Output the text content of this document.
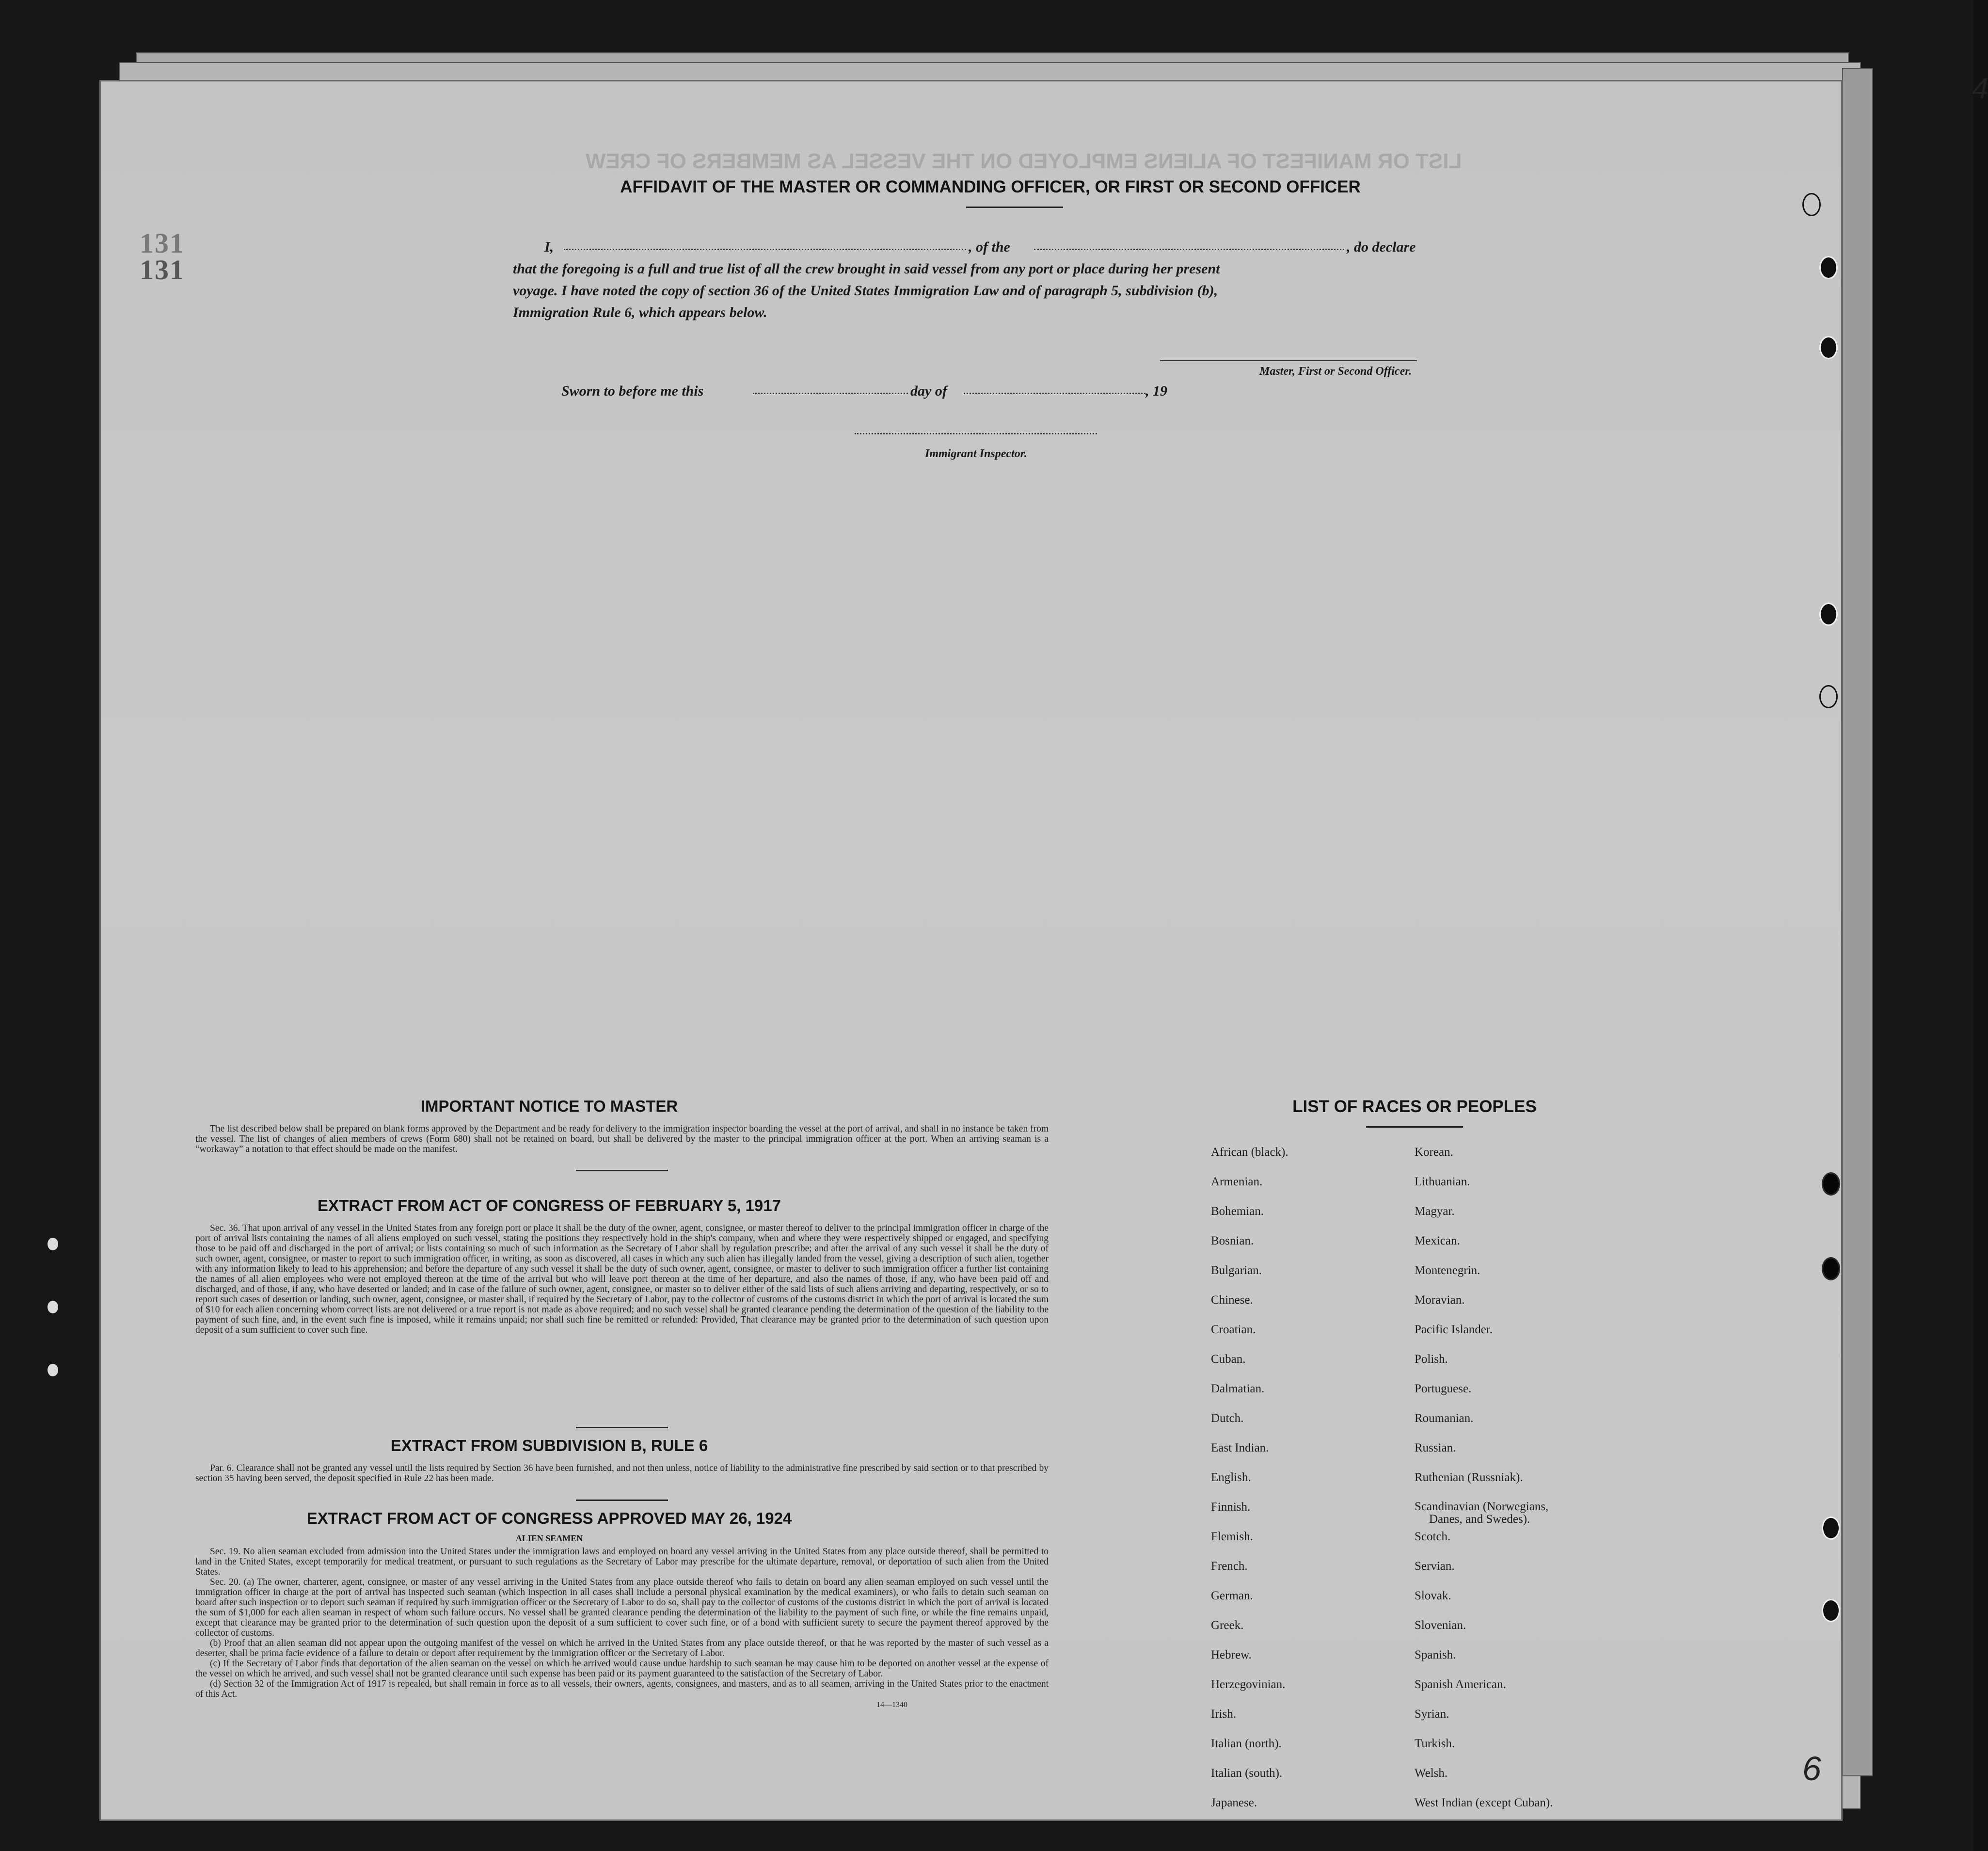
LIST OR MANIFEST OF ALIENS EMPLOYED ON THE VESSEL AS MEMBERS OF CREW
131
131
4
6
AFFIDAVIT OF THE MASTER OR COMMANDING OFFICER, OR FIRST OR SECOND OFFICER
I,	, of the	, do declare
that the foregoing is a full and true list of all the crew brought in said vessel from any port or place during her present
voyage. I have noted the copy of section 36 of the United States Immigration Law and of paragraph 5, subdivision (b),
Immigration Rule 6, which appears below.
Master, First or Second Officer.
Sworn to before me this	day of	, 19
Immigrant Inspector.
IMPORTANT NOTICE TO MASTER

The list described below shall be prepared on blank forms approved by the Department and be ready for delivery to the immigration inspector boarding the vessel at the port of arrival, and shall in no instance be taken from the vessel. The list of changes of alien members of crews (Form 680) shall not be retained on board, but shall be delivered by the master to the principal immigration officer at the port. When an arriving seaman is a “workaway” a notation to that effect should be made on the manifest.

EXTRACT FROM ACT OF CONGRESS OF FEBRUARY 5, 1917

Sec. 36. That upon arrival of any vessel in the United States from any foreign port or place it shall be the duty of the owner, agent, consignee, or master thereof to deliver to the principal immigration officer in charge of the port of arrival lists containing the names of all aliens employed on such vessel, stating the positions they respectively hold in the ship's company, when and where they were respectively shipped or engaged, and specifying those to be paid off and discharged in the port of arrival; or lists containing so much of such information as the Secretary of Labor shall by regulation prescribe; and after the arrival of any such vessel it shall be the duty of such owner, agent, consignee, or master to report to such immigration officer, in writing, as soon as discovered, all cases in which any such alien has illegally landed from the vessel, giving a description of such alien, together with any information likely to lead to his apprehension; and before the departure of any such vessel it shall be the duty of such owner, agent, consignee, or master to deliver to such immigration officer a further list containing the names of all alien employees who were not employed thereon at the time of the arrival but who will leave port thereon at the time of her departure, and also the names of those, if any, who have been paid off and discharged, and of those, if any, who have deserted or landed; and in case of the failure of such owner, agent, consignee, or master so to deliver either of the said lists of such aliens arriving and departing, respectively, or so to report such cases of desertion or landing, such owner, agent, consignee, or master shall, if required by the Secretary of Labor, pay to the collector of customs of the customs district in which the port of arrival is located the sum of $10 for each alien concerning whom correct lists are not delivered or a true report is not made as above required; and no such vessel shall be granted clearance pending the determination of the question of the liability to the payment of such fine, and, in the event such fine is imposed, while it remains unpaid; nor shall such fine be remitted or refunded: Provided, That clearance may be granted prior to the determination of such question upon deposit of a sum sufficient to cover such fine.

EXTRACT FROM SUBDIVISION B, RULE 6

Par. 6. Clearance shall not be granted any vessel until the lists required by Section 36 have been furnished, and not then unless, notice of liability to the administrative fine prescribed by said section or to that prescribed by section 35 having been served, the deposit specified in Rule 22 has been made.

EXTRACT FROM ACT OF CONGRESS APPROVED MAY 26, 1924
ALIEN SEAMEN

Sec. 19. No alien seaman excluded from admission into the United States under the immigration laws and employed on board any vessel arriving in the United States from any place outside thereof, shall be permitted to land in the United States, except temporarily for medical treatment, or pursuant to such regulations as the Secretary of Labor may prescribe for the ultimate departure, removal, or deportation of such alien from the United States.

Sec. 20. (a) The owner, charterer, agent, consignee, or master of any vessel arriving in the United States from any place outside thereof who fails to detain on board any alien seaman employed on such vessel until the immigration officer in charge at the port of arrival has inspected such seaman (which inspection in all cases shall include a personal physical examination by the medical examiners), or who fails to detain such seaman on board after such inspection or to deport such seaman if required by such immigration officer or the Secretary of Labor to do so, shall pay to the collector of customs of the customs district in which the port of arrival is located the sum of $1,000 for each alien seaman in respect of whom such failure occurs. No vessel shall be granted clearance pending the determination of the liability to the payment of such fine, or while the fine remains unpaid, except that clearance may be granted prior to the determination of such question upon the deposit of a sum sufficient to cover such fine, or of a bond with sufficient surety to secure the payment thereof approved by the collector of customs.

(b) Proof that an alien seaman did not appear upon the outgoing manifest of the vessel on which he arrived in the United States from any place outside thereof, or that he was reported by the master of such vessel as a deserter, shall be prima facie evidence of a failure to detain or deport after requirement by the immigration officer or the Secretary of Labor.

(c) If the Secretary of Labor finds that deportation of the alien seaman on the vessel on which he arrived would cause undue hardship to such seaman he may cause him to be deported on another vessel at the expense of the vessel on which he arrived, and such vessel shall not be granted clearance until such expense has been paid or its payment guaranteed to the satisfaction of the Secretary of Labor.

(d) Section 32 of the Immigration Act of 1917 is repealed, but shall remain in force as to all vessels, their owners, agents, consignees, and masters, and as to all seamen, arriving in the United States prior to the enactment of this Act.

14—1340
LIST OF RACES OR PEOPLES
African (black).
Armenian.
Bohemian.
Bosnian.
Bulgarian.
Chinese.
Croatian.
Cuban.
Dalmatian.
Dutch.
East Indian.
English.
Finnish.
Flemish.
French.
German.
Greek.
Hebrew.
Herzegovinian.
Irish.
Italian (north).
Italian (south).
Japanese.
Korean.
Lithuanian.
Magyar.
Mexican.
Montenegrin.
Moravian.
Pacific Islander.
Polish.
Portuguese.
Roumanian.
Russian.
Ruthenian (Russniak).
Scandinavian (Norwegians,
Danes, and Swedes).
Scotch.
Servian.
Slovak.
Slovenian.
Spanish.
Spanish American.
Syrian.
Turkish.
Welsh.
West Indian (except Cuban).
